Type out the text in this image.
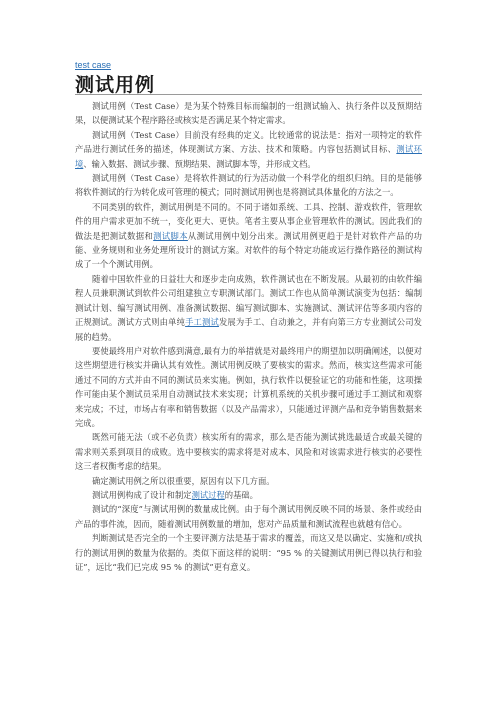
test case
测试用例

测试用例（Test Case）是为某个特殊目标而编制的一组测试输入、执行条件以及预期结果，以便测试某个程序路径或核实是否满足某个特定需求。

测试用例（Test Case）目前没有经典的定义。比较通常的说法是：指对一项特定的软件产品进行测试任务的描述，体现测试方案、方法、技术和策略。内容包括测试目标、测试环境、输入数据、测试步骤、预期结果、测试脚本等，并形成文档。

测试用例（Test Case）是将软件测试的行为活动做一个科学化的组织归纳。目的是能够将软件测试的行为转化成可管理的模式；同时测试用例也是将测试具体量化的方法之一。

不同类别的软件，测试用例是不同的。不同于诸如系统、工具、控制、游戏软件，管理软件的用户需求更加不统一，变化更大、更快。笔者主要从事企业管理软件的测试。因此我们的做法是把测试数据和测试脚本从测试用例中划分出来。测试用例更趋于是针对软件产品的功能、业务规则和业务处理所设计的测试方案。对软件的每个特定功能或运行操作路径的测试构成了一个个测试用例。

随着中国软件业的日益壮大和逐步走向成熟，软件测试也在不断发展。从最初的由软件编程人员兼职测试到软件公司组建独立专职测试部门。测试工作也从简单测试演变为包括：编制测试计划、编写测试用例、准备测试数据、编写测试脚本、实施测试、测试评估等多项内容的正规测试。测试方式则由单纯手工测试发展为手工、自动兼之，并有向第三方专业测试公司发展的趋势。

要使最终用户对软件感到满意,最有力的举措就是对最终用户的期望加以明确阐述，以便对这些期望进行核实并确认其有效性。测试用例反映了要核实的需求。然而，核实这些需求可能通过不同的方式并由不同的测试员来实施。例如，执行软件以便验证它的功能和性能，这项操作可能由某个测试员采用自动测试技术来实现；计算机系统的关机步骤可通过手工测试和观察来完成；不过，市场占有率和销售数据（以及产品需求），只能通过评测产品和竞争销售数据来完成。

既然可能无法（或不必负责）核实所有的需求，那么是否能为测试挑选最适合或最关键的需求则关系到项目的成败。选中要核实的需求将是对成本、风险和对该需求进行核实的必要性这三者权衡考虑的结果。

确定测试用例之所以很重要，原因有以下几方面。

测试用例构成了设计和制定测试过程的基础。

测试的“深度”与测试用例的数量成比例。由于每个测试用例反映不同的场景、条件或经由产品的事件流，因而，随着测试用例数量的增加，您对产品质量和测试流程也就越有信心。

判断测试是否完全的一个主要评测方法是基于需求的覆盖，而这又是以确定、实施和/或执行的测试用例的数量为依据的。类似下面这样的说明：“95 % 的关键测试用例已得以执行和验证”，远比“我们已完成 95 % 的测试”更有意义。
